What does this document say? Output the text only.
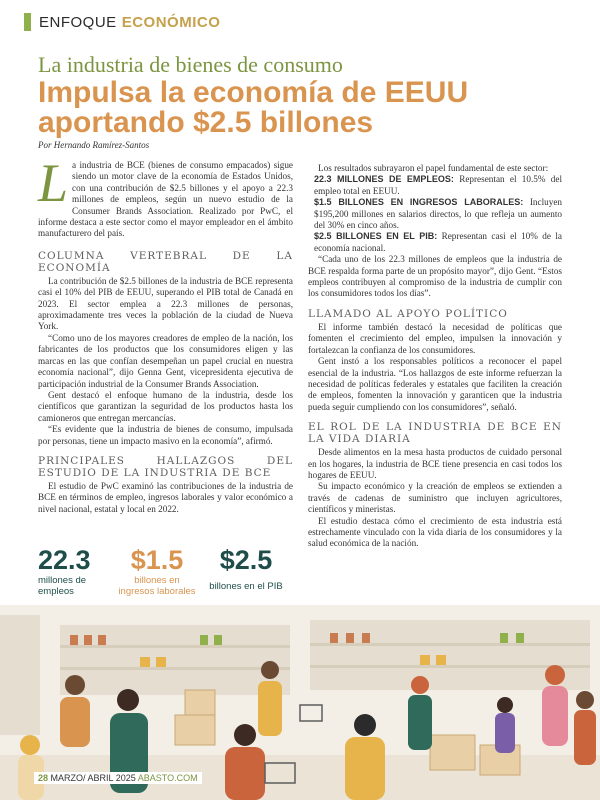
ENFOQUE ECONÓMICO
La industria de bienes de consumo
Impulsa la economía de EEUU aportando $2.5 billones
Por Hernando Ramírez-Santos

La industria de BCE (bienes de consumo empacados) sigue siendo un motor clave de la economía de Estados Unidos, con una contribución de $2.5 billones y el apoyo a 22.3 millones de empleos, según un nuevo estudio de la Consumer Brands Association. Realizado por PwC, el informe destaca a este sector como el mayor empleador en el ámbito manufacturero del país.

COLUMNA VERTEBRAL DE LA ECONOMÍA

La contribución de $2.5 billones de la industria de BCE representa casi el 10% del PIB de EEUU, superando el PIB total de Canadá en 2023. El sector emplea a 22.3 millones de personas, aproximadamente tres veces la población de la ciudad de Nueva York.

“Como uno de los mayores creadores de empleo de la nación, los fabricantes de los productos que los consumidores eligen y las marcas en las que confían desempeñan un papel crucial en nuestra economía nacional”, dijo Genna Gent, vicepresidenta ejecutiva de participación industrial de la Consumer Brands Association.

Gent destacó el enfoque humano de la industria, desde los científicos que garantizan la seguridad de los productos hasta los camioneros que entregan mercancías.

“Es evidente que la industria de bienes de consumo, impulsada por personas, tiene un impacto masivo en la economía”, afirmó.

PRINCIPALES HALLAZGOS DEL ESTUDIO DE LA INDUSTRIA DE BCE

El estudio de PwC examinó las contribuciones de la industria de BCE en términos de empleo, ingresos laborales y valor económico a nivel nacional, estatal y local en 2022.

Los resultados subrayaron el papel fundamental de este sector:

22.3 MILLONES DE EMPLEOS: Representan el 10.5% del empleo total en EEUU.

$1.5 BILLONES EN INGRESOS LABORALES: Incluyen $195,200 millones en salarios directos, lo que refleja un aumento del 30% en cinco años.

$2.5 BILLONES EN EL PIB: Representan casi el 10% de la economía nacional.

“Cada uno de los 22.3 millones de empleos que la industria de BCE respalda forma parte de un propósito mayor”, dijo Gent. “Estos empleos contribuyen al compromiso de la industria de cumplir con los consumidores todos los días”.

LLAMADO AL APOYO POLÍTICO

El informe también destacó la necesidad de políticas que fomenten el crecimiento del empleo, impulsen la innovación y fortalezcan la confianza de los consumidores.

Gent instó a los responsables políticos a reconocer el papel esencial de la industria. “Los hallazgos de este informe refuerzan la necesidad de políticas federales y estatales que faciliten la creación de empleos, fomenten la innovación y garanticen que la industria pueda seguir cumpliendo con los consumidores”, señaló.

EL ROL DE LA INDUSTRIA DE BCE EN LA VIDA DIARIA

Desde alimentos en la mesa hasta productos de cuidado personal en los hogares, la industria de BCE tiene presencia en casi todos los hogares de EEUU.

Su impacto económico y la creación de empleos se extienden a través de cadenas de suministro que incluyen agricultores, científicos y mineristas.

El estudio destaca cómo el crecimiento de esta industria está estrechamente vinculado con la vida diaria de los consumidores y la salud económica de la nación.

22.3
millones de empleos
$1.5
billones en ingresos laborales
$2.5
billones en el PIB
28 MARZO/ ABRIL 2025 ABASTO.COM
